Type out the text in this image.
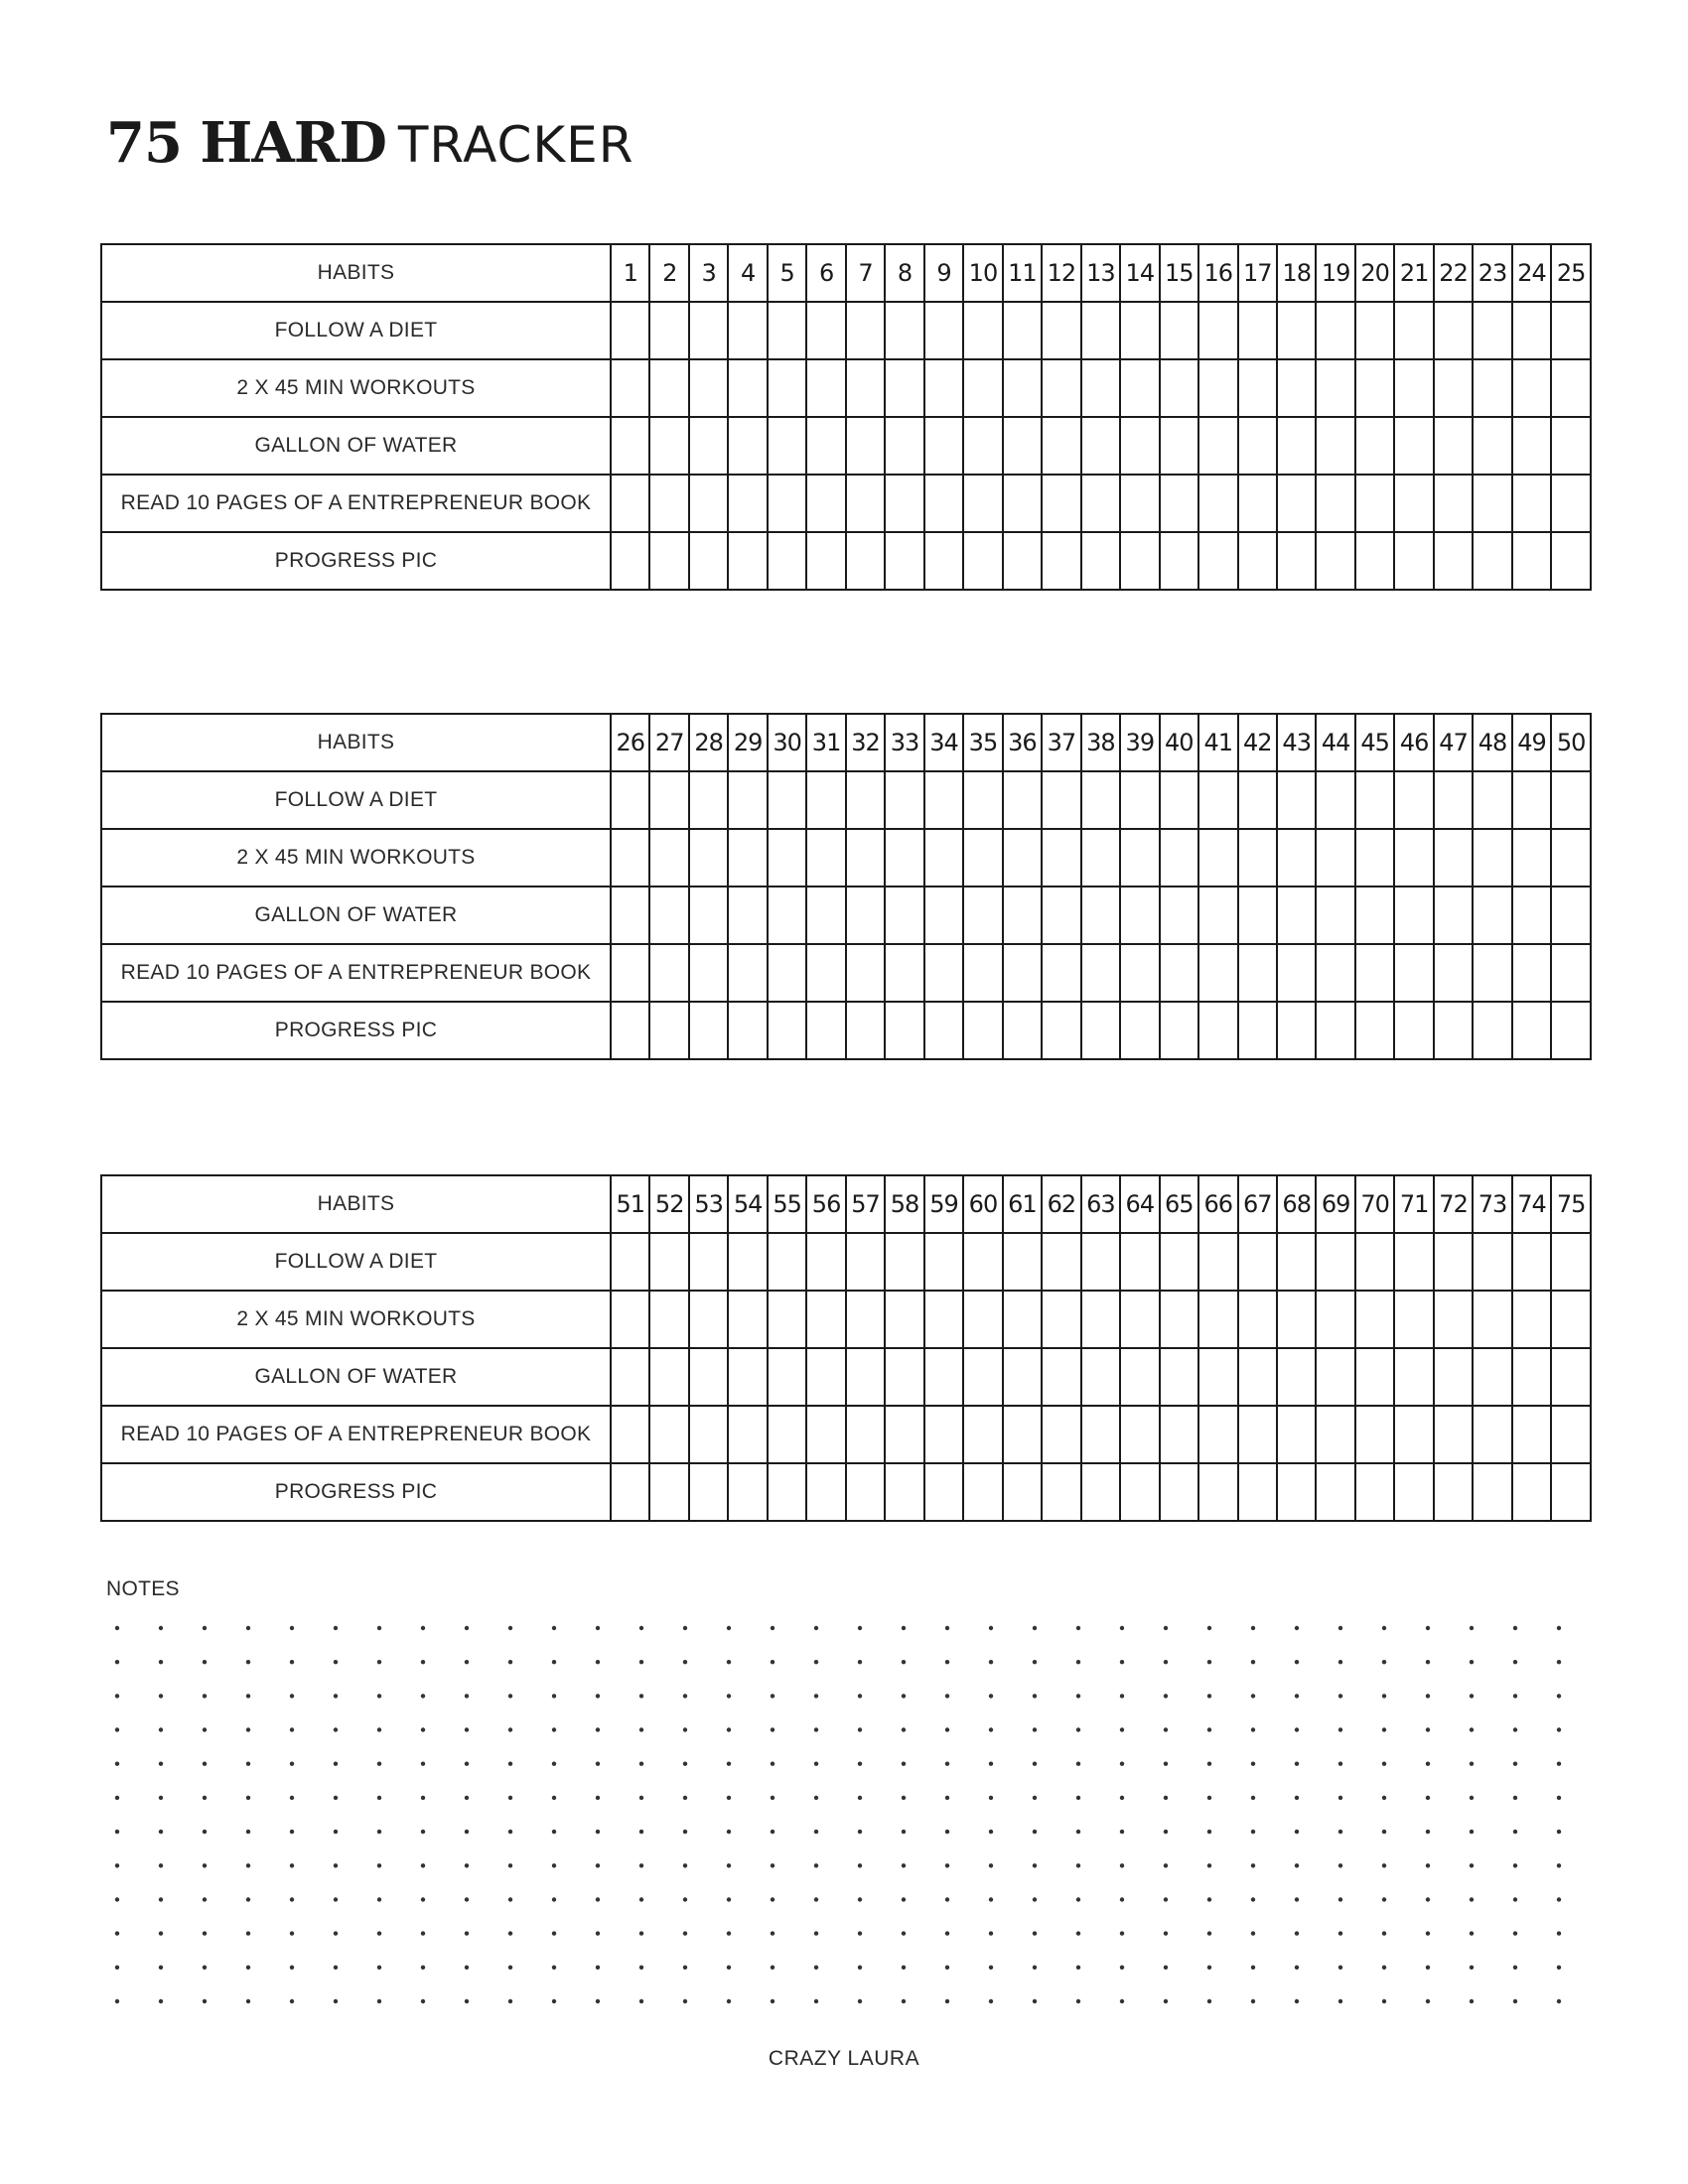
75 HARD TRACKER
HABITS	1	2	3	4	5	6	7	8	9	10	11	12	13	14	15	16	17	18	19	20	21	22	23	24	25
FOLLOW A DIET																									
2 X 45 MIN WORKOUTS																									
GALLON OF WATER																									
READ 10 PAGES OF A ENTREPRENEUR BOOK																									
PROGRESS PIC																									
HABITS	26	27	28	29	30	31	32	33	34	35	36	37	38	39	40	41	42	43	44	45	46	47	48	49	50
FOLLOW A DIET																									
2 X 45 MIN WORKOUTS																									
GALLON OF WATER																									
READ 10 PAGES OF A ENTREPRENEUR BOOK																									
PROGRESS PIC																									
HABITS	51	52	53	54	55	56	57	58	59	60	61	62	63	64	65	66	67	68	69	70	71	72	73	74	75
FOLLOW A DIET																									
2 X 45 MIN WORKOUTS																									
GALLON OF WATER																									
READ 10 PAGES OF A ENTREPRENEUR BOOK																									
PROGRESS PIC																									
NOTES
CRAZY LAURA
